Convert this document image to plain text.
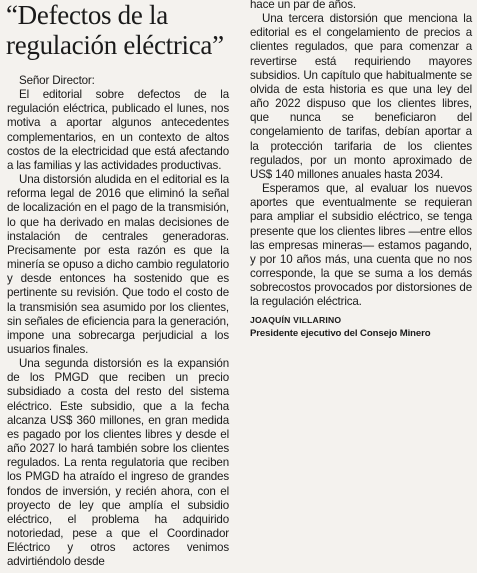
“Defectos de la regulación eléctrica”

Señor Director:

El editorial sobre defectos de la regulación eléctrica, publicado el lunes, nos motiva a aportar algunos antecedentes complementarios, en un contexto de altos costos de la electricidad que está afectando a las familias y las actividades productivas.

Una distorsión aludida en el editorial es la reforma legal de 2016 que eliminó la señal de localización en el pago de la transmisión, lo que ha derivado en malas decisiones de instalación de centrales generadoras. Precisamente por esta razón es que la minería se opuso a dicho cambio regulatorio y desde entonces ha sostenido que es pertinente su revisión. Que todo el costo de la transmisión sea asumido por los clientes, sin señales de eficiencia para la generación, impone una sobrecarga perjudicial a los usuarios finales.

Una segunda distorsión es la expansión de los PMGD que reciben un precio subsidiado a costa del resto del sistema eléctrico. Este subsidio, que a la fecha alcanza US$ 360 millones, en gran medida es pagado por los clientes libres y desde el año 2027 lo hará también sobre los clientes regulados. La renta regulatoria que reciben los PMGD ha atraído el ingreso de grandes fondos de inversión, y recién ahora, con el proyecto de ley que amplía el subsidio eléctrico, el problema ha adquirido notoriedad, pese a que el Coordinador Eléctrico y otros actores venimos advirtiéndolo desde

hace un par de años.

Una tercera distorsión que menciona la editorial es el congelamiento de precios a clientes regulados, que para comenzar a revertirse está requiriendo mayores subsidios. Un capítulo que habitualmente se olvida de esta historia es que una ley del año 2022 dispuso que los clientes libres, que nunca se beneficiaron del congelamiento de tarifas, debían aportar a la protección tarifaria de los clientes regulados, por un monto aproximado de US$ 140 millones anuales hasta 2034.

Esperamos que, al evaluar los nuevos aportes que eventualmente se requieran para ampliar el subsidio eléctrico, se tenga presente que los clientes libres —entre ellos las empresas mineras— estamos pagando, y por 10 años más, una cuenta que no nos corresponde, la que se suma a los demás sobrecostos provocados por distorsiones de la regulación eléctrica.

JOAQUÍN VILLARINO
Presidente ejecutivo del Consejo Minero
